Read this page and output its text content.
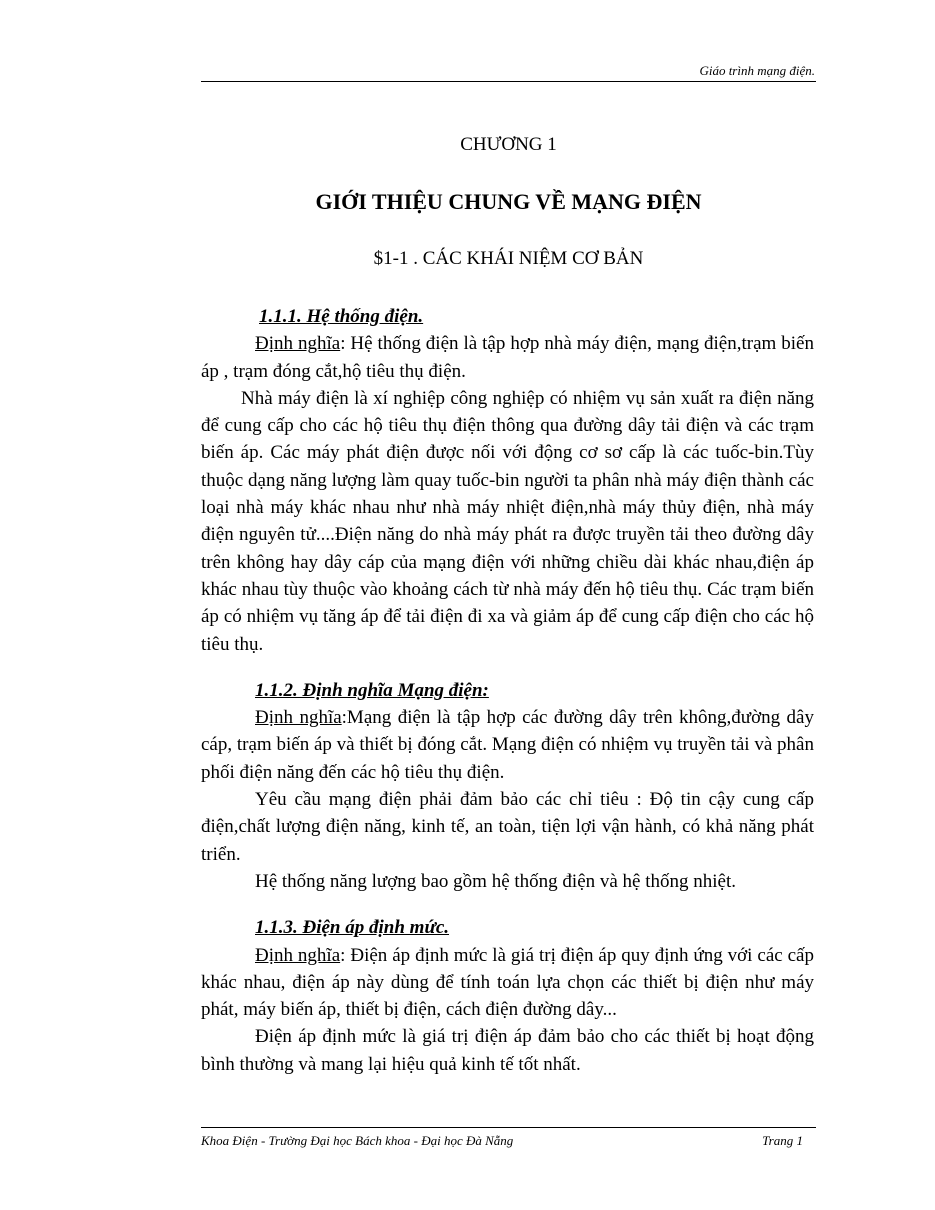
Giáo trình mạng điện.
CHƯƠNG 1
GIỚI THIỆU CHUNG VỀ MẠNG ĐIỆN
$1-1 . CÁC KHÁI NIỆM CƠ BẢN

1.1.1. Hệ thống điện.

Định nghĩa: Hệ thống điện là tập hợp nhà máy điện, mạng điện,trạm biến áp , trạm đóng cắt,hộ tiêu thụ điện.

Nhà máy điện là xí nghiệp công nghiệp có nhiệm vụ sản xuất ra điện năng để cung cấp cho các hộ tiêu thụ điện thông qua đường dây tải điện và các trạm biến áp. Các máy phát điện được nối với động cơ sơ cấp là các tuốc-bin.Tùy thuộc dạng năng lượng làm quay tuốc-bin người ta phân nhà máy điện thành các loại nhà máy khác nhau như nhà máy nhiệt điện,nhà máy thủy điện, nhà máy điện nguyên tử....Điện năng do nhà máy phát ra được truyền tải theo đường dây trên không hay dây cáp của mạng điện với những chiều dài khác nhau,điện áp khác nhau tùy thuộc vào khoảng cách từ nhà máy đến hộ tiêu thụ. Các trạm biến áp có nhiệm vụ tăng áp để tải điện đi xa và giảm áp để cung cấp điện cho các hộ tiêu thụ.

1.1.2. Định nghĩa Mạng điện:

Định nghĩa:Mạng điện là tập hợp các đường dây trên không,đường dây cáp, trạm biến áp và thiết bị đóng cắt. Mạng điện có nhiệm vụ truyền tải và phân phối điện năng đến các hộ tiêu thụ điện.

Yêu cầu mạng điện phải đảm bảo các chỉ tiêu : Độ tin cậy cung cấp điện,chất lượng điện năng, kinh tế, an toàn, tiện lợi vận hành, có khả năng phát triển.

Hệ thống năng lượng bao gồm hệ thống điện và hệ thống nhiệt.

1.1.3. Điện áp định mức.

Định nghĩa: Điện áp định mức là giá trị điện áp quy định ứng với các cấp khác nhau, điện áp này dùng để tính toán lựa chọn các thiết bị điện như máy phát, máy biến áp, thiết bị điện, cách điện đường dây...

Điện áp định mức là giá trị điện áp đảm bảo cho các thiết bị hoạt động bình thường và mang lại hiệu quả kinh tế tốt nhất.

Khoa Điện - Trường Đại học Bách khoa - Đại học Đà Nẵng	Trang 1
